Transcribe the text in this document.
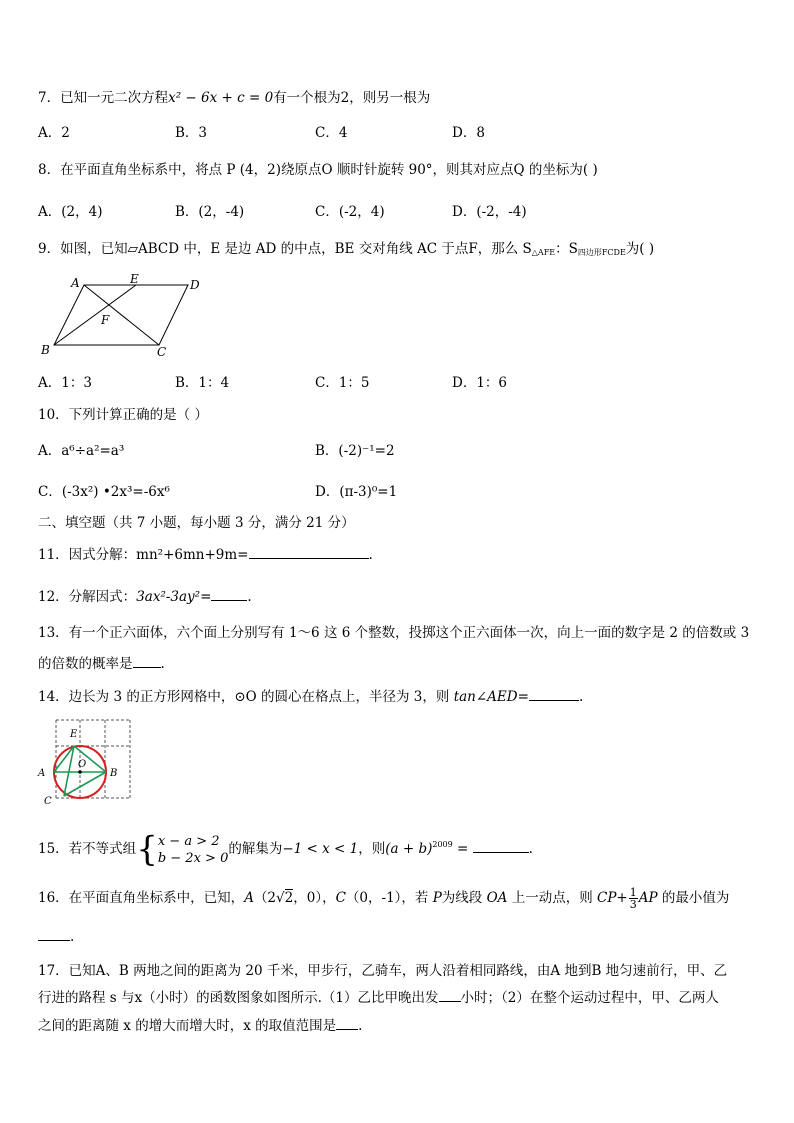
7．已知一元二次方程x² − 6x + c = 0有一个根为2，则另一根为
A．2	B．3	C．4	D．8
8．在平面直角坐标系中，将点 P (4，2)绕原点O 顺时针旋转 90°，则其对应点Q 的坐标为( )
A．(2，4)	B．(2，-4)	C．(-2，4)	D．(-2，-4)
9．如图，已知▱ABCD 中，E 是边 AD 的中点，BE 交对角线 AC 于点F，那么 $S_{\triangle AFE}$：$S_{四边形FCDE}$为( )
A	E	D
F
B	C
A．1：3	B．1：4	C．1：5	D．1：6
10．下列计算正确的是（ ）
A．a⁶÷a²=a³	B．(-2)⁻¹=2
C．(-3x²) •2x³=-6x⁶	D．(π-3)⁰=1
二、填空题（共 7 小题，每小题 3 分，满分 21 分）
11．因式分解：mn²+6mn+9m=	.
12．分解因式：3ax²-3ay²=	.
13．有一个正六面体，六个面上分别写有 1～6 这 6 个整数，投掷这个正六面体一次，向上一面的数字是 2 的倍数或 3
的倍数的概率是 .
14．边长为 3 的正方形网格中，⊙O 的圆心在格点上，半径为 3，则 tan∠AED=	.
E
O
A	B
C
15．若不等式组{ x − a > 2
b − 2x > 0
的解集为−1 < x < 1，则$(a + b)^{2009}$ =	.
16．在平面直角坐标系中，已知，A（2√2，0），C（0，-1），若 P为线段 OA 上一动点，则 $CP+ \frac{1}{3}$ AP 的最小值为
.
17．已知A、B 两地之间的距离为 20 千米，甲步行，乙骑车，两人沿着相同路线，由A 地到B 地匀速前行，甲、乙
行进的路程 s 与x（小时）的函数图象如图所示.（1）乙比甲晚出发 小时；（2）在整个运动过程中，甲、乙两人
之间的距离随 x 的增大而增大时，x 的取值范围是 .
